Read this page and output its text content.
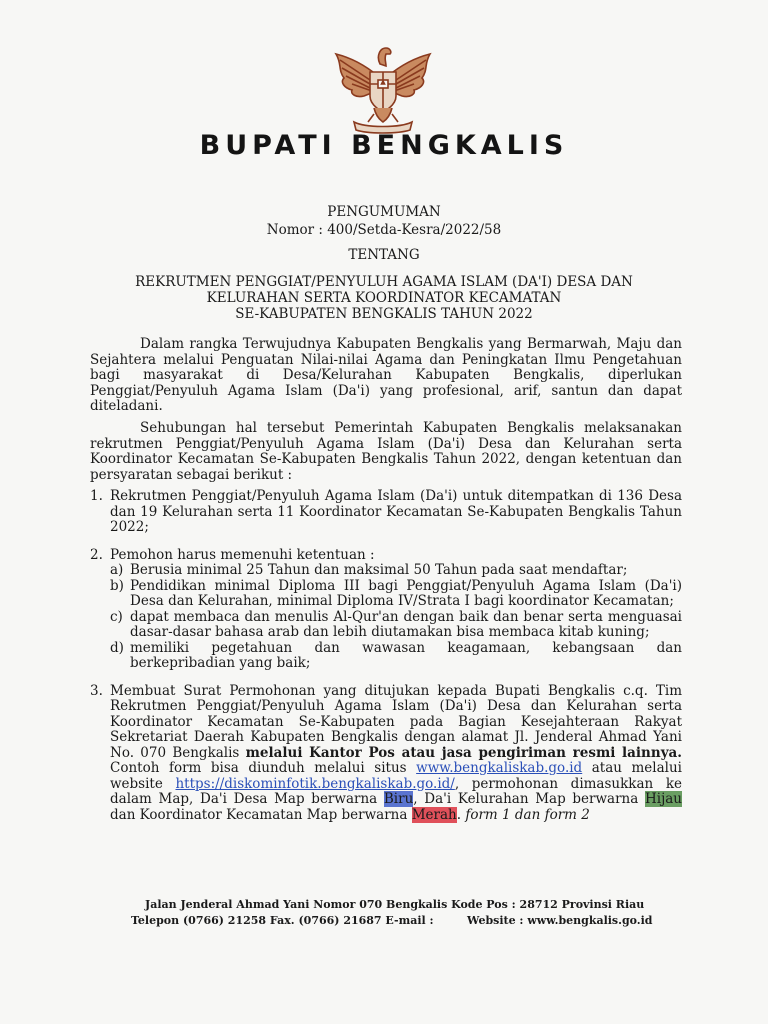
BUPATI BENGKALIS
PENGUMUMAN
Nomor : 400/Setda-Kesra/2022/58
TENTANG
REKRUTMEN PENGGIAT/PENYULUH AGAMA ISLAM (DA'I) DESA DAN
KELURAHAN SERTA KOORDINATOR KECAMATAN
SE-KABUPATEN BENGKALIS TAHUN 2022
Dalam rangka Terwujudnya Kabupaten Bengkalis yang Bermarwah, Maju dan Sejahtera melalui Penguatan Nilai-nilai Agama dan Peningkatan Ilmu Pengetahuan bagi masyarakat di Desa/Kelurahan Kabupaten Bengkalis, diperlukan Penggiat/Penyuluh Agama Islam (Da'i) yang profesional, arif, santun dan dapat diteladani.
Sehubungan hal tersebut Pemerintah Kabupaten Bengkalis melaksanakan rekrutmen Penggiat/Penyuluh Agama Islam (Da'i) Desa dan Kelurahan serta Koordinator Kecamatan Se-Kabupaten Bengkalis Tahun 2022, dengan ketentuan dan persyaratan sebagai berikut :
1. Rekrutmen Penggiat/Penyuluh Agama Islam (Da'i) untuk ditempatkan di 136 Desa dan 19 Kelurahan serta 11 Koordinator Kecamatan Se-Kabupaten Bengkalis Tahun 2022;
2. Pemohon harus memenuhi ketentuan :
a) Berusia minimal 25 Tahun dan maksimal 50 Tahun pada saat mendaftar;
b) Pendidikan minimal Diploma III bagi Penggiat/Penyuluh Agama Islam (Da'i) Desa dan Kelurahan, minimal Diploma IV/Strata I bagi koordinator Kecamatan;
c) dapat membaca dan menulis Al-Qur'an dengan baik dan benar serta menguasai dasar-dasar bahasa arab dan lebih diutamakan bisa membaca kitab kuning;
d) memiliki pegetahuan dan wawasan keagamaan, kebangsaan dan berkepribadian yang baik;
3. Membuat Surat Permohonan yang ditujukan kepada Bupati Bengkalis c.q. Tim Rekrutmen Penggiat/Penyuluh Agama Islam (Da'i) Desa dan Kelurahan serta Koordinator Kecamatan Se-Kabupaten pada Bagian Kesejahteraan Rakyat Sekretariat Daerah Kabupaten Bengkalis dengan alamat Jl. Jenderal Ahmad Yani No. 070 Bengkalis melalui Kantor Pos atau jasa pengiriman resmi lainnya. Contoh form bisa diunduh melalui situs www.bengkaliskab.go.id atau melalui website https://diskominfotik.bengkaliskab.go.id/, permohonan dimasukkan ke dalam Map, Da'i Desa Map berwarna Biru, Da'i Kelurahan Map berwarna Hijau dan Koordinator Kecamatan Map berwarna Merah. form 1 dan form 2
Jalan Jenderal Ahmad Yani Nomor 070 Bengkalis Kode Pos : 28712 Provinsi Riau
Telepon (0766) 21258 Fax. (0766) 21687 E-mail :	Website : www.bengkalis.go.id
